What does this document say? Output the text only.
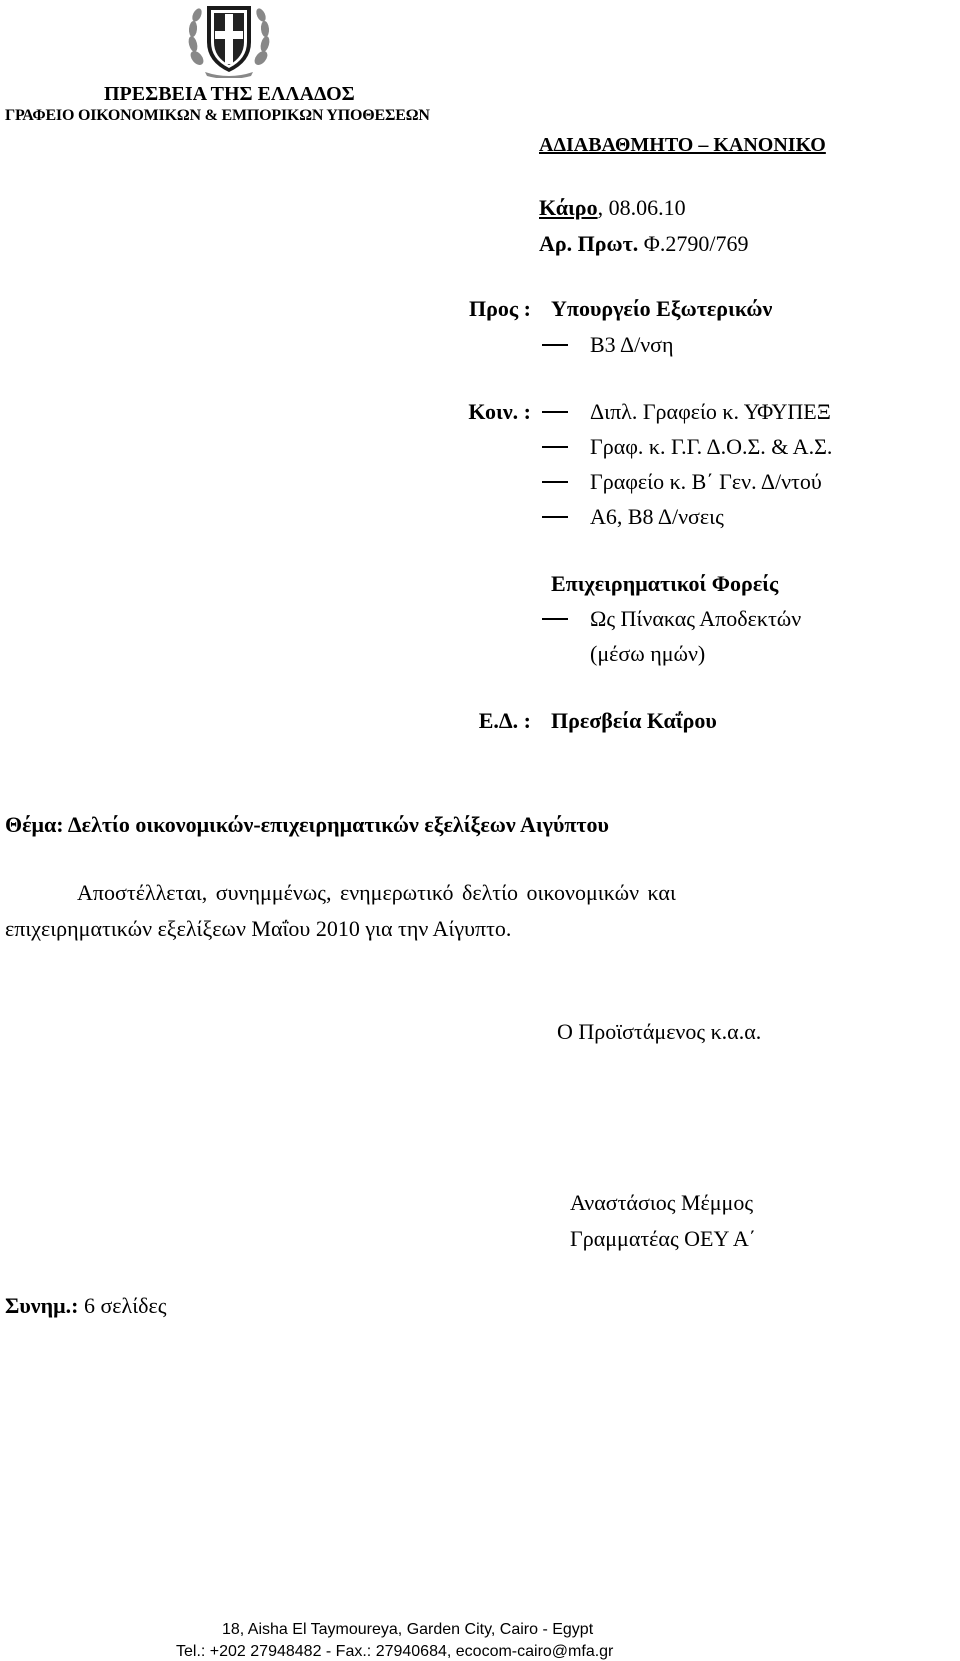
ΠΡΕΣΒΕΙΑ ΤΗΣ ΕΛΛΑΔΟΣ
ΓΡΑΦΕΙΟ ΟΙΚΟΝΟΜΙΚΩΝ & ΕΜΠΟΡΙΚΩΝ ΥΠΟΘΕΣΕΩΝ
ΑΔΙΑΒΑΘΜΗΤΟ – ΚΑΝΟΝΙΚΟ
Κάιρο, 08.06.10
Αρ. Πρωτ. Φ.2790/769
Προς : Υπουργείο Εξωτερικών
Β3 Δ/νση
Κοιν. :	Διπλ. Γραφείο κ. ΥΦΥΠΕΞ
Γραφ. κ. Γ.Γ. Δ.Ο.Σ. & Α.Σ.
Γραφείο κ. Β΄ Γεν. Δ/ντού
Α6, Β8 Δ/νσεις
Επιχειρηματικοί Φορείς
Ως Πίνακας Αποδεκτών
(μέσω ημών)
Ε.Δ. : Πρεσβεία Καΐρου
Θέμα: Δελτίο οικονομικών-επιχειρηματικών εξελίξεων Αιγύπτου
Αποστέλλεται, συνημμένως, ενημερωτικό δελτίο οικονομικών και
επιχειρηματικών εξελίξεων Μαΐου 2010 για την Αίγυπτο.
Ο Προϊστάμενος κ.α.α.
Αναστάσιος Μέμμος
Γραμματέας ΟΕΥ Α΄
Συνημ.: 6 σελίδες
18, Aisha El Taymoureya, Garden City, Cairo - Egypt
Tel.: +202 27948482 - Fax.: 27940684, ecocom-cairo@mfa.gr
